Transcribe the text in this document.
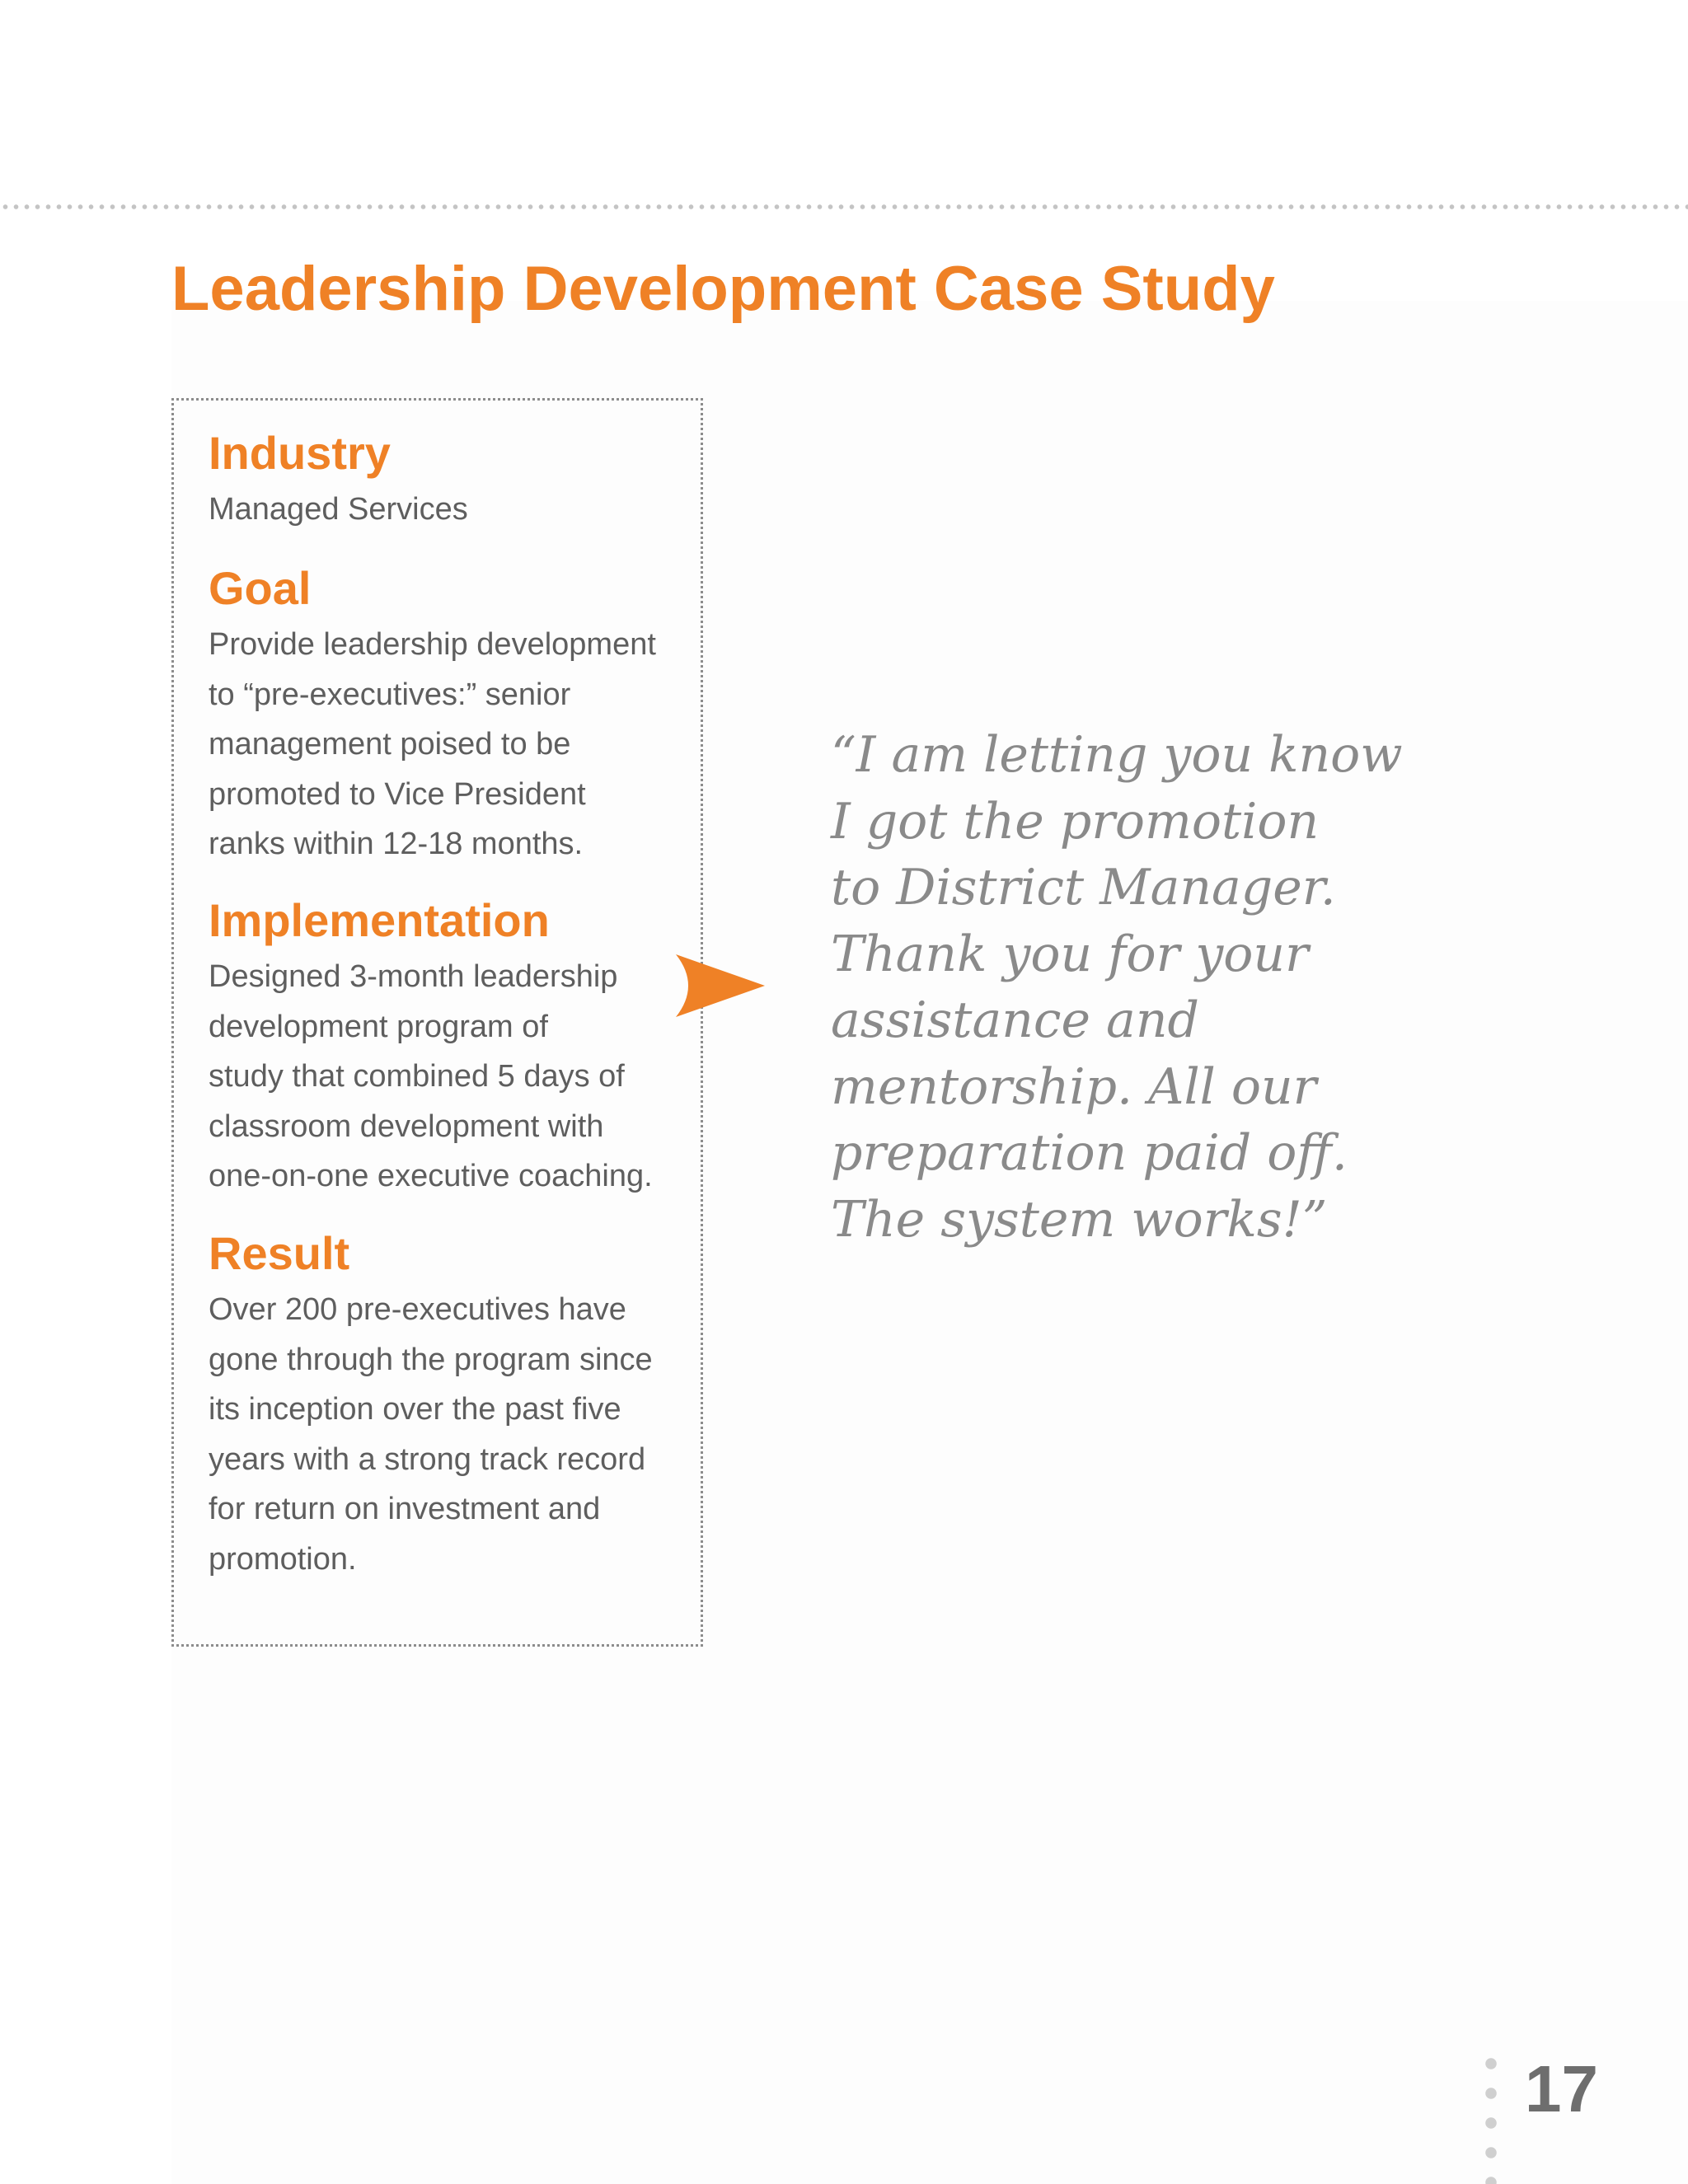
Leadership Development Case Study
Industry

Managed Services

Goal

Provide leadership development
to “pre-executives:” senior
management poised to be
promoted to Vice President
ranks within 12-18 months.

Implementation

Designed 3-month leadership
development program of
study that combined 5 days of
classroom development with
one-on-one executive coaching.

Result

Over 200 pre-executives have
gone through the program since
its inception over the past five
years with a strong track record
for return on investment and
promotion.

“I am letting you know
I got the promotion
to District Manager.
Thank you for your
assistance and
mentorship. All our
preparation paid off.
The system works!”

17
